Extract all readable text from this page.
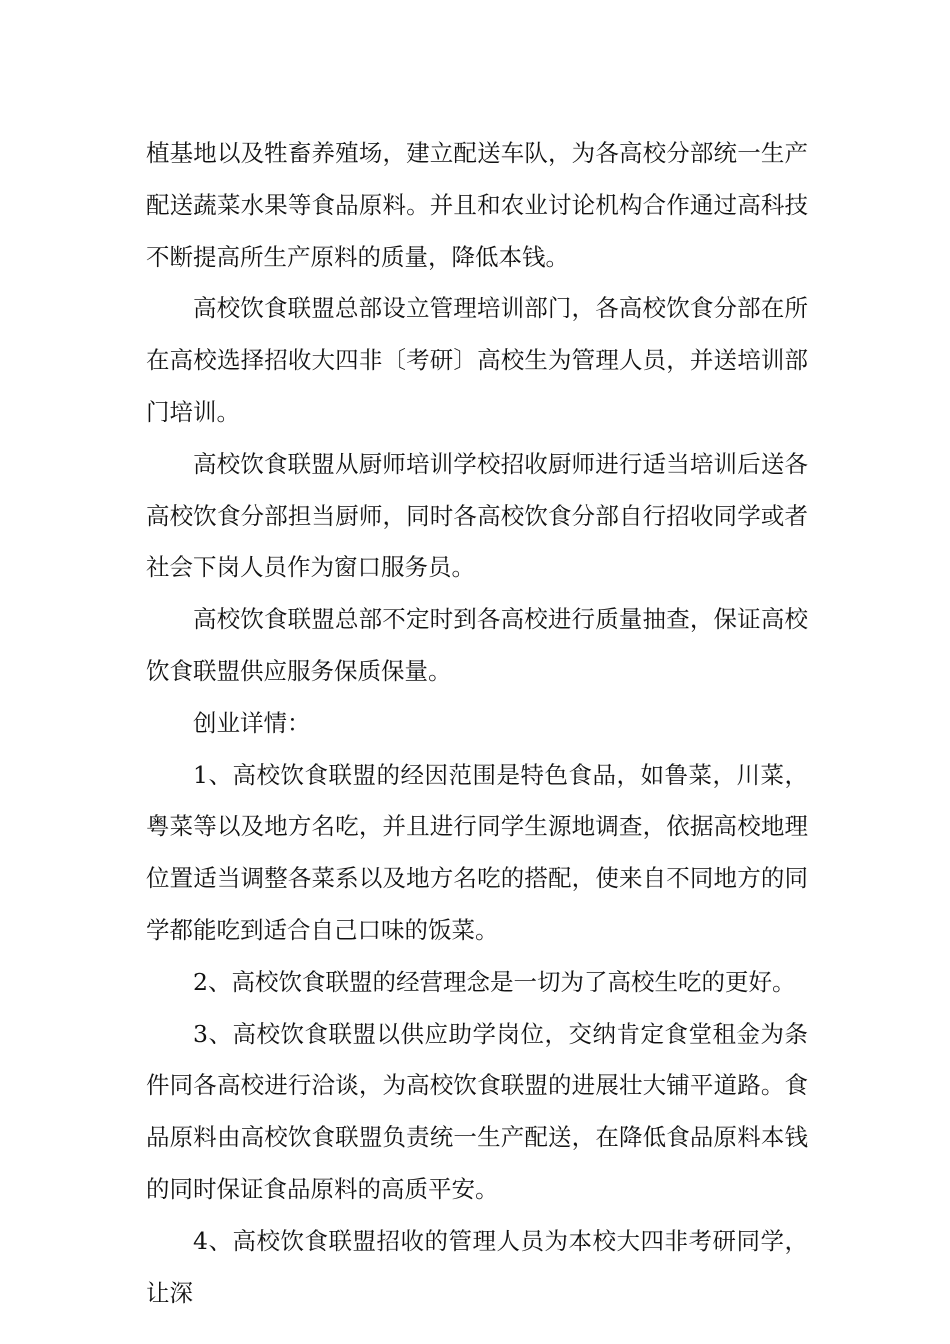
植基地以及牲畜养殖场，建立配送车队，为各高校分部统一生产配送蔬菜水果等食品原料。并且和农业讨论机构合作通过高科技不断提高所生产原料的质量，降低本钱。

高校饮食联盟总部设立管理培训部门，各高校饮食分部在所在高校选择招收大四非〔考研〕高校生为管理人员，并送培训部门培训。

高校饮食联盟从厨师培训学校招收厨师进行适当培训后送各高校饮食分部担当厨师，同时各高校饮食分部自行招收同学或者社会下岗人员作为窗口服务员。

高校饮食联盟总部不定时到各高校进行质量抽查，保证高校饮食联盟供应服务保质保量。

创业详情：

1、高校饮食联盟的经因范围是特色食品，如鲁菜，川菜，粤菜等以及地方名吃，并且进行同学生源地调查，依据高校地理位置适当调整各菜系以及地方名吃的搭配，使来自不同地方的同学都能吃到适合自己口味的饭菜。

2、高校饮食联盟的经营理念是一切为了高校生吃的更好。

3、高校饮食联盟以供应助学岗位，交纳肯定食堂租金为条件同各高校进行洽谈，为高校饮食联盟的进展壮大铺平道路。食品原料由高校饮食联盟负责统一生产配送，在降低食品原料本钱的同时保证食品原料的高质平安。

4、高校饮食联盟招收的管理人员为本校大四非考研同学，让深
